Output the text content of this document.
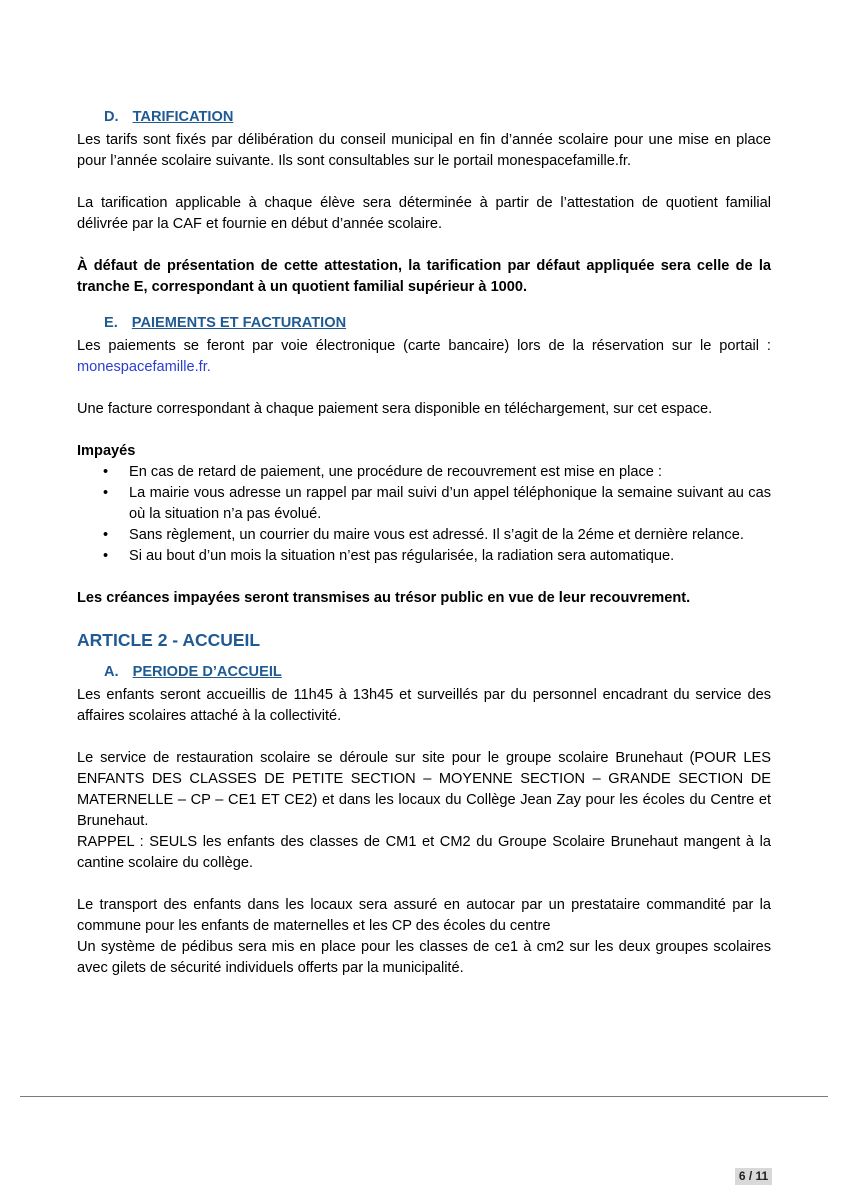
D. TARIFICATION

Les tarifs sont fixés par délibération du conseil municipal en fin d’année scolaire pour une mise en place pour l’année scolaire suivante. Ils sont consultables sur le portail monespacefamille.fr.

La tarification applicable à chaque élève sera déterminée à partir de l’attestation de quotient familial délivrée par la CAF et fournie en début d’année scolaire.

À défaut de présentation de cette attestation, la tarification par défaut appliquée sera celle de la tranche E, correspondant à un quotient familial supérieur à 1000.

E. PAIEMENTS ET FACTURATION

Les paiements se feront par voie électronique (carte bancaire) lors de la réservation sur le portail : monespacefamille.fr.

Une facture correspondant à chaque paiement sera disponible en téléchargement, sur cet espace.

Impayés

• En cas de retard de paiement, une procédure de recouvrement est mise en place :
• La mairie vous adresse un rappel par mail suivi d’un appel téléphonique la semaine suivant au cas où la situation n’a pas évolué.
• Sans règlement, un courrier du maire vous est adressé. Il s’agit de la 2éme et dernière relance.
• Si au bout d’un mois la situation n’est pas régularisée, la radiation sera automatique.

Les créances impayées seront transmises au trésor public en vue de leur recouvrement.

ARTICLE 2 - ACCUEIL
A. PERIODE D’ACCUEIL

Les enfants seront accueillis de 11h45 à 13h45 et surveillés par du personnel encadrant du service des affaires scolaires attaché à la collectivité.

Le service de restauration scolaire se déroule sur site pour le groupe scolaire Brunehaut (POUR LES ENFANTS DES CLASSES DE PETITE SECTION – MOYENNE SECTION – GRANDE SECTION DE MATERNELLE – CP – CE1 ET CE2) et dans les locaux du Collège Jean Zay pour les écoles du Centre et Brunehaut.

RAPPEL : SEULS les enfants des classes de CM1 et CM2 du Groupe Scolaire Brunehaut mangent à la cantine scolaire du collège.

Le transport des enfants dans les locaux sera assuré en autocar par un prestataire commandité par la commune pour les enfants de maternelles et les CP des écoles du centre

Un système de pédibus sera mis en place pour les classes de ce1 à cm2 sur les deux groupes scolaires avec gilets de sécurité individuels offerts par la municipalité.

6 / 11
